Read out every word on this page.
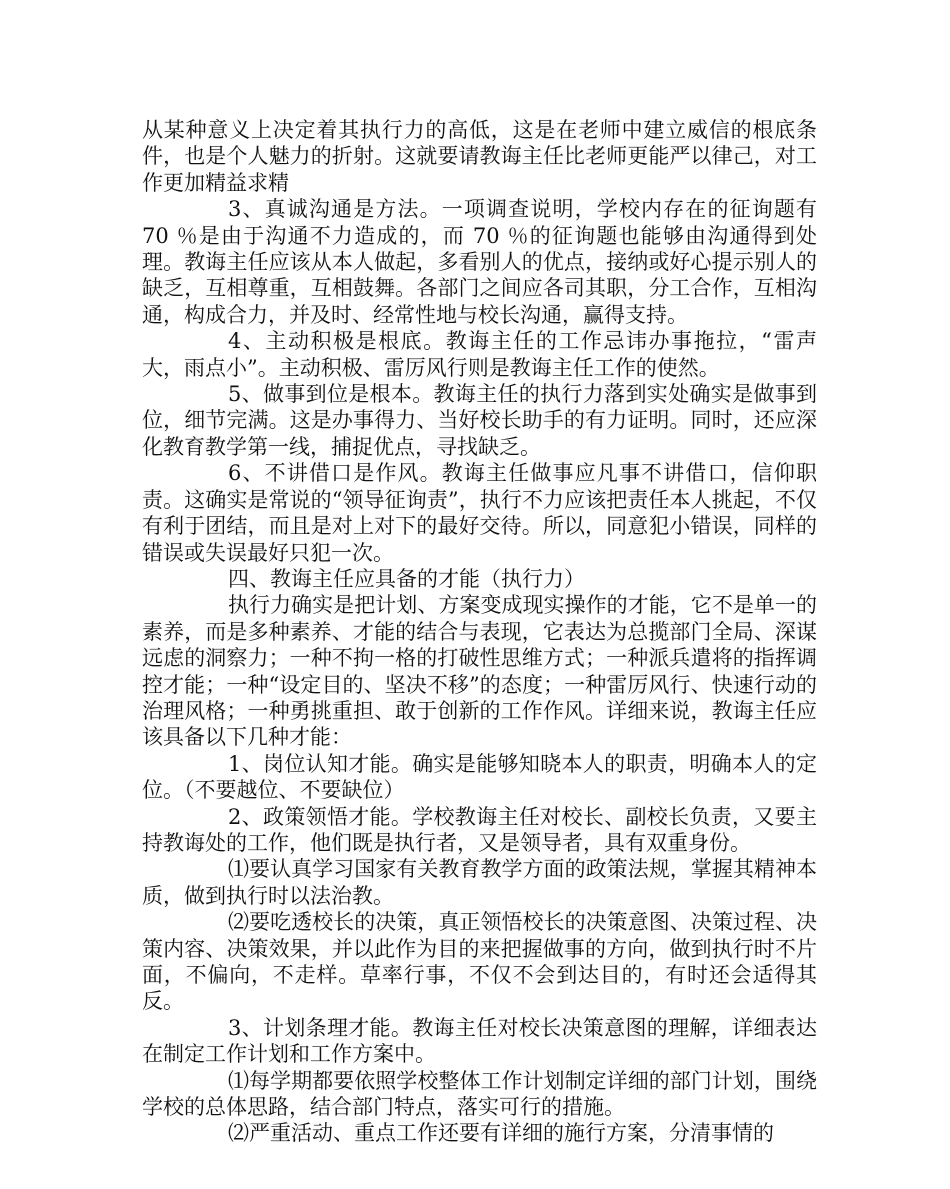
从某种意义上决定着其执行力的高低，这是在老师中建立威信的根底条件，也是个人魅力的折射。这就要请教诲主任比老师更能严以律己，对工作更加精益求精

3、真诚沟通是方法。一项调查说明，学校内存在的征询题有 70 ％是由于沟通不力造成的，而 70 ％的征询题也能够由沟通得到处理。教诲主任应该从本人做起，多看别人的优点，接纳或好心提示别人的缺乏，互相尊重，互相鼓舞。各部门之间应各司其职，分工合作，互相沟通，构成合力，并及时、经常性地与校长沟通，赢得支持。

4、主动积极是根底。教诲主任的工作忌讳办事拖拉，“雷声大，雨点小”。主动积极、雷厉风行则是教诲主任工作的使然。

5、做事到位是根本。教诲主任的执行力落到实处确实是做事到位，细节完满。这是办事得力、当好校长助手的有力证明。同时，还应深化教育教学第一线，捕捉优点，寻找缺乏。

6、不讲借口是作风。教诲主任做事应凡事不讲借口，信仰职责。这确实是常说的“领导征询责”，执行不力应该把责任本人挑起，不仅有利于团结，而且是对上对下的最好交待。所以，同意犯小错误，同样的错误或失误最好只犯一次。

四、教诲主任应具备的才能（执行力）

执行力确实是把计划、方案变成现实操作的才能，它不是单一的素养，而是多种素养、才能的结合与表现，它表达为总揽部门全局、深谋远虑的洞察力；一种不拘一格的打破性思维方式；一种派兵遣将的指挥调控才能；一种“设定目的、坚决不移”的态度；一种雷厉风行、快速行动的治理风格；一种勇挑重担、敢于创新的工作作风。详细来说，教诲主任应该具备以下几种才能：

1、岗位认知才能。确实是能够知晓本人的职责，明确本人的定位。（不要越位、不要缺位）

2、政策领悟才能。学校教诲主任对校长、副校长负责，又要主持教诲处的工作，他们既是执行者，又是领导者，具有双重身份。

⑴要认真学习国家有关教育教学方面的政策法规，掌握其精神本质，做到执行时以法治教。

⑵要吃透校长的决策，真正领悟校长的决策意图、决策过程、决策内容、决策效果，并以此作为目的来把握做事的方向，做到执行时不片面，不偏向，不走样。草率行事，不仅不会到达目的，有时还会适得其反。

3、计划条理才能。教诲主任对校长决策意图的理解，详细表达在制定工作计划和工作方案中。

⑴每学期都要依照学校整体工作计划制定详细的部门计划，围绕学校的总体思路，结合部门特点，落实可行的措施。

⑵严重活动、重点工作还要有详细的施行方案，分清事情的
